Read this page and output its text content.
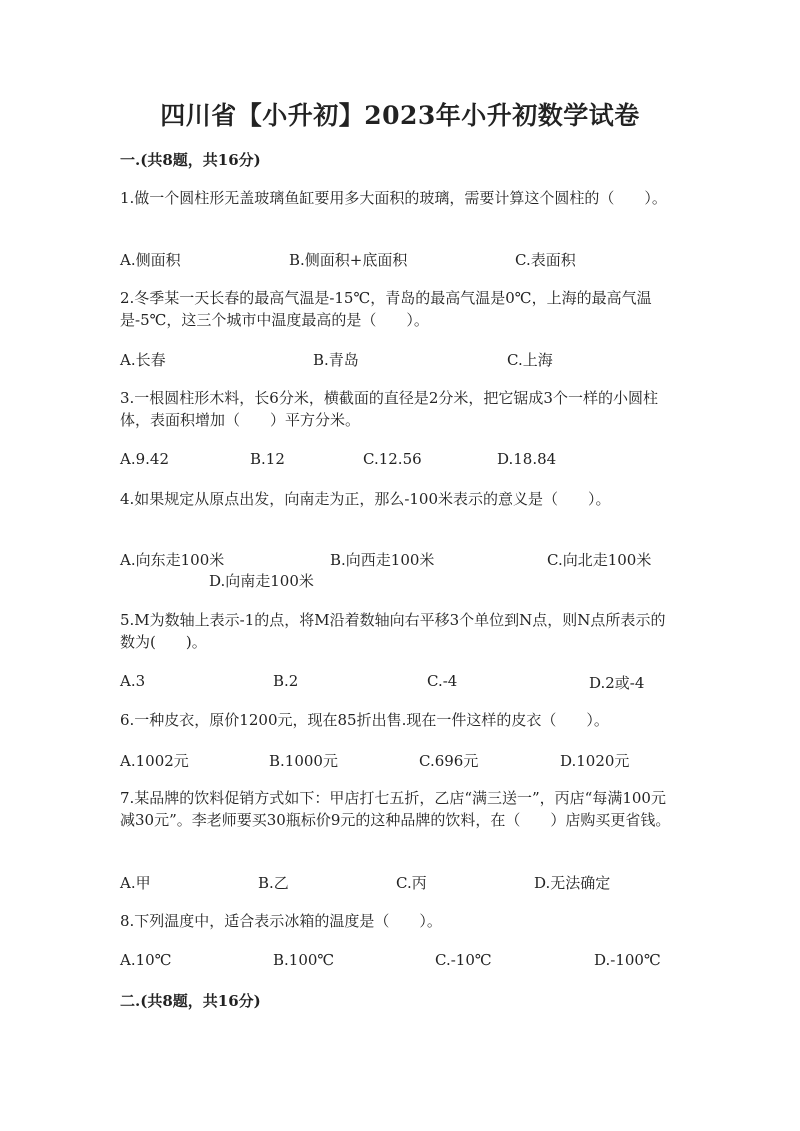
四川省【小升初】2023年小升初数学试卷
一.(共8题，共16分)
1.做一个圆柱形无盖玻璃鱼缸要用多大面积的玻璃，需要计算这个圆柱的（　　）。
A.侧面积	B.侧面积+底面积	C.表面积
2.冬季某一天长春的最高气温是-15℃，青岛的最高气温是0℃，上海的最高气温是-5℃，这三个城市中温度最高的是（　　）。
A.长春	B.青岛	C.上海
3.一根圆柱形木料，长6分米，横截面的直径是2分米，把它锯成3个一样的小圆柱体，表面积增加（　　）平方分米。
A.9.42	B.12	C.12.56	D.18.84
4.如果规定从原点出发，向南走为正，那么-100米表示的意义是（　　）。
A.向东走100米	B.向西走100米	C.向北走100米
D.向南走100米
5.M为数轴上表示-1的点，将M沿着数轴向右平移3个单位到N点，则N点所表示的数为(　　)。
A.3	B.2	C.-4	D.2或-4
6.一种皮衣，原价1200元，现在85折出售.现在一件这样的皮衣（　　）。
A.1002元	B.1000元	C.696元	D.1020元
7.某品牌的饮料促销方式如下：甲店打七五折，乙店“满三送一”，丙店“每满100元减30元”。李老师要买30瓶标价9元的这种品牌的饮料，在（　　）店购买更省钱。
A.甲	B.乙	C.丙	D.无法确定
8.下列温度中，适合表示冰箱的温度是（　　）。
A.10℃	B.100℃	C.-10℃	D.-100℃
二.(共8题，共16分)
